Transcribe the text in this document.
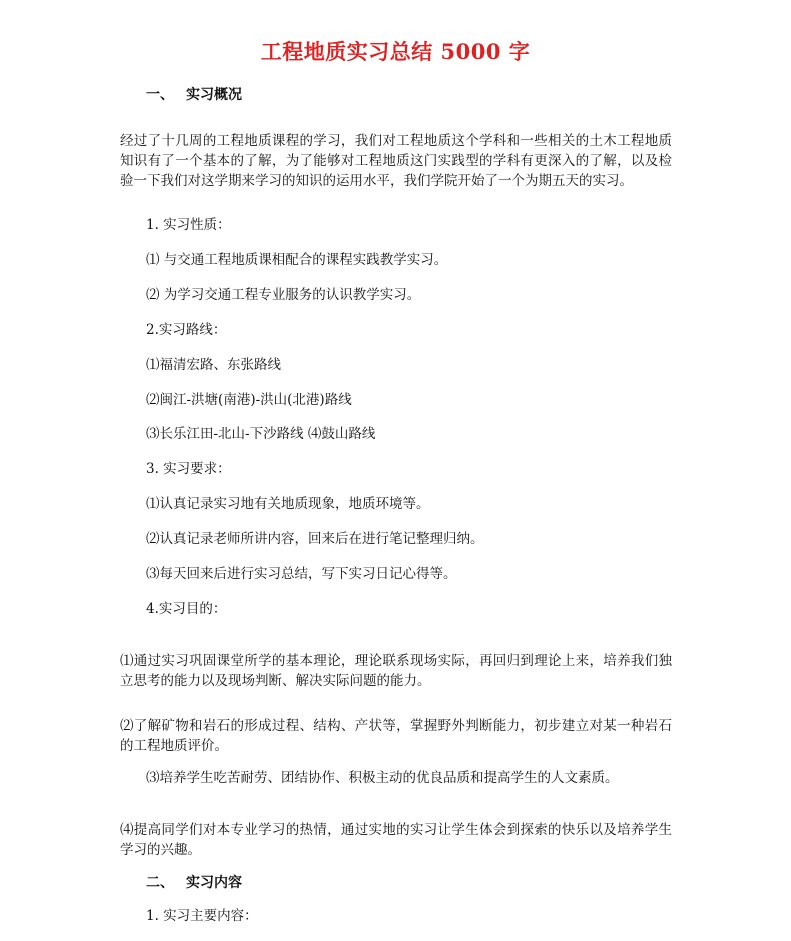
工程地质实习总结 5000 字
一、 实习概况
经过了十几周的工程地质课程的学习，我们对工程地质这个学科和一些相关的土木工程地质知识有了一个基本的了解，为了能够对工程地质这门实践型的学科有更深入的了解，以及检验一下我们对这学期来学习的知识的运用水平，我们学院开始了一个为期五天的实习。
1. 实习性质：
⑴ 与交通工程地质课相配合的课程实践教学实习。
⑵ 为学习交通工程专业服务的认识教学实习。
2.实习路线：
⑴福清宏路、东张路线
⑵闽江-洪塘(南港)-洪山(北港)路线
⑶长乐江田-北山-下沙路线 ⑷鼓山路线
3. 实习要求：
⑴认真记录实习地有关地质现象，地质环境等。
⑵认真记录老师所讲内容，回来后在进行笔记整理归纳。
⑶每天回来后进行实习总结，写下实习日记心得等。
4.实习目的：
⑴通过实习巩固课堂所学的基本理论，理论联系现场实际，再回归到理论上来，培养我们独立思考的能力以及现场判断、解决实际问题的能力。
⑵了解矿物和岩石的形成过程、结构、产状等，掌握野外判断能力，初步建立对某一种岩石的工程地质评价。
⑶培养学生吃苦耐劳、团结协作、积极主动的优良品质和提高学生的人文素质。
⑷提高同学们对本专业学习的热情，通过实地的实习让学生体会到探索的快乐以及培养学生学习的兴趣。
二、 实习内容
1. 实习主要内容：
